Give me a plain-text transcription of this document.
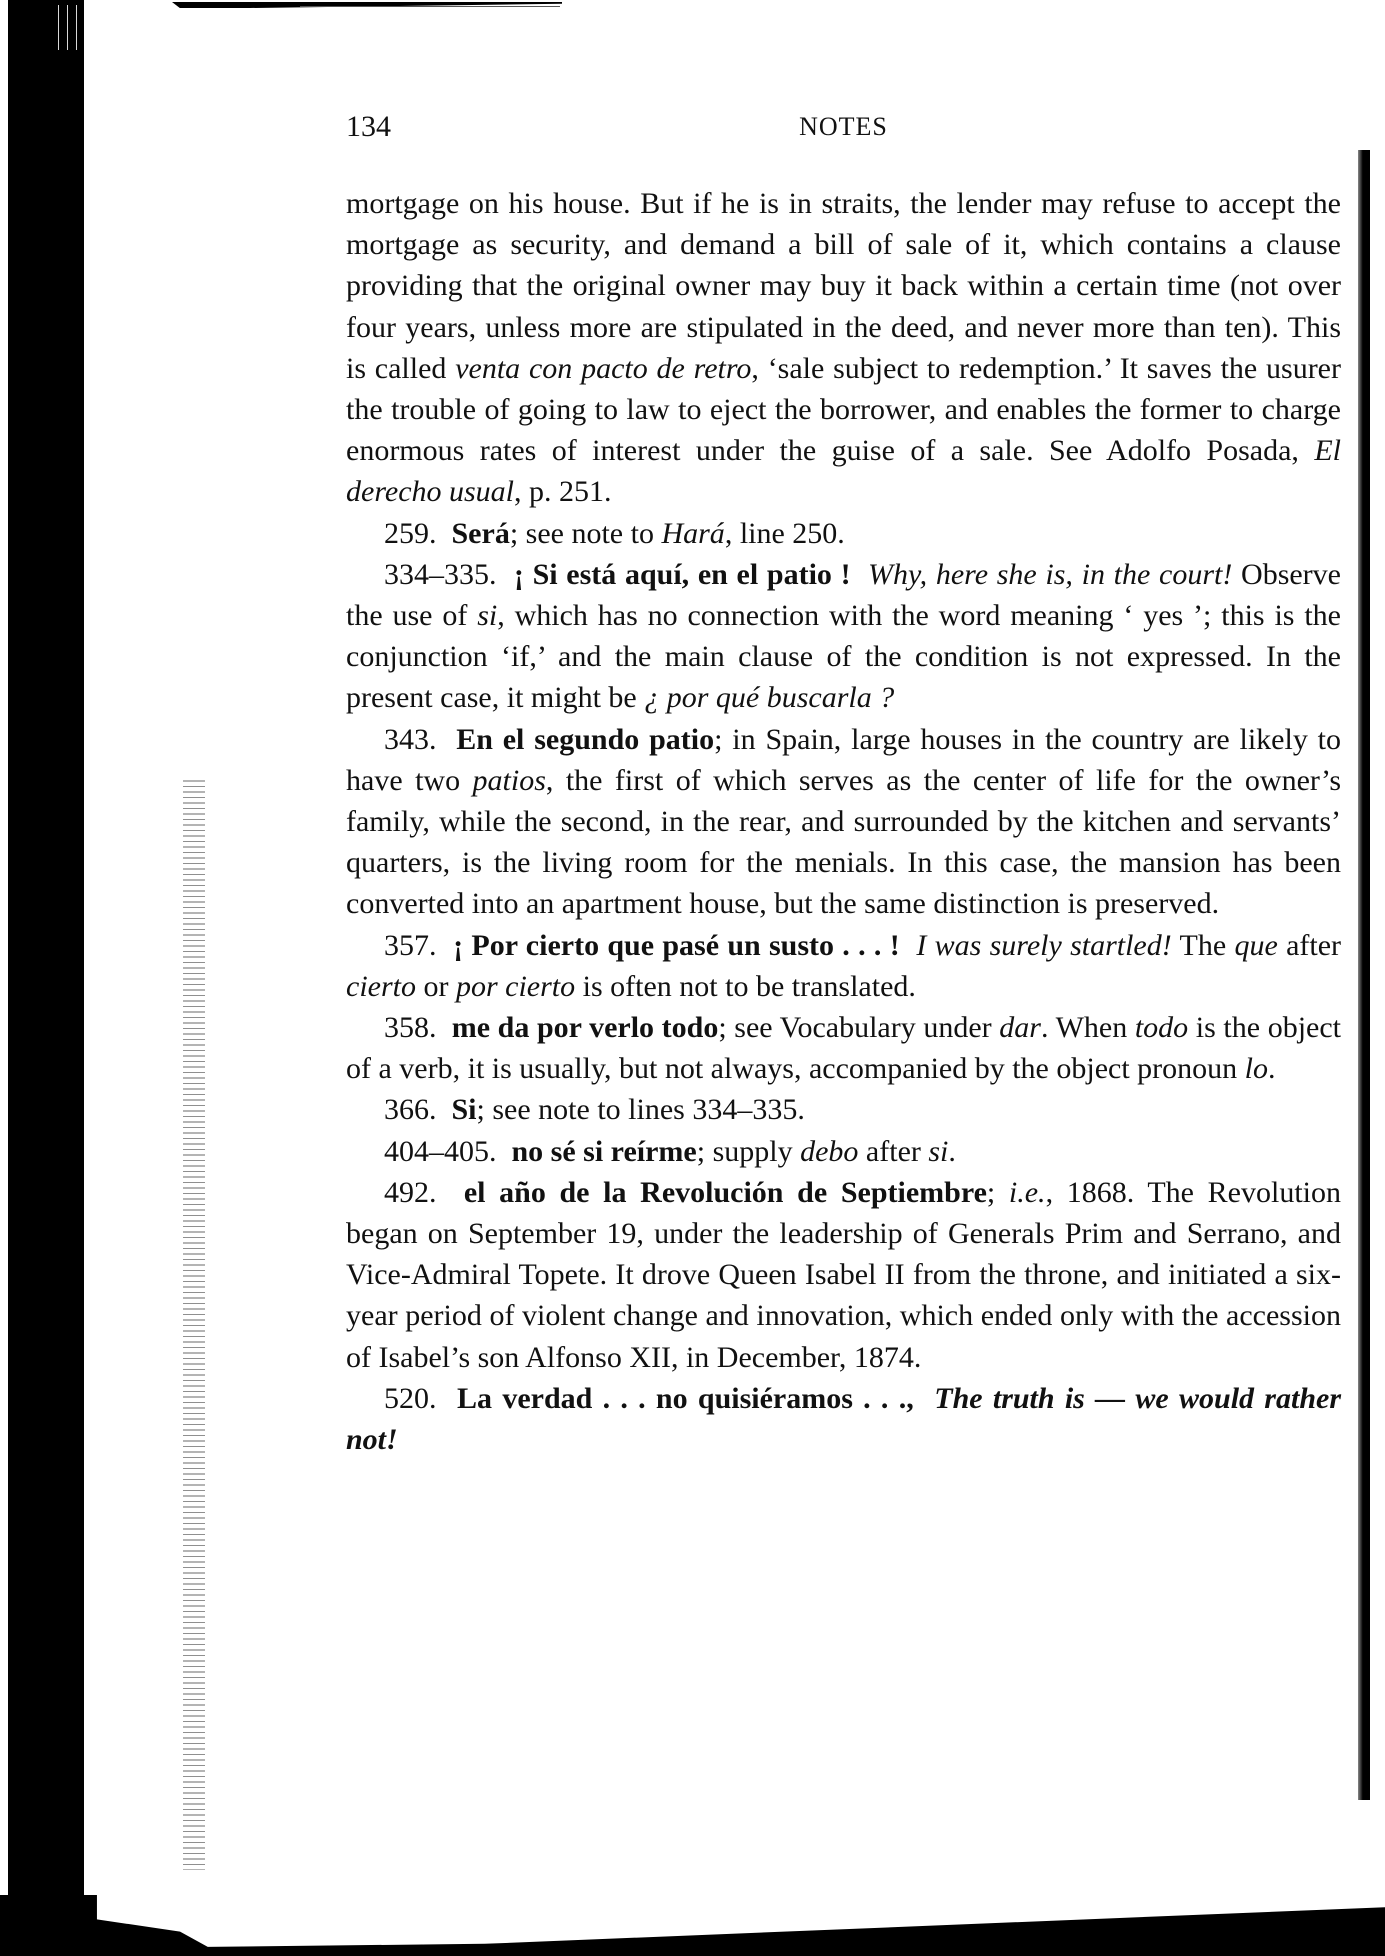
134	NOTES

mortgage on his house. But if he is in straits, the lender may refuse to accept the mortgage as security, and demand a bill of sale of it, which contains a clause providing that the original owner may buy it back within a certain time (not over four years, unless more are stipulated in the deed, and never more than ten). This is called venta con pacto de retro, ‘sale subject to redemption.’ It saves the usurer the trouble of going to law to eject the borrower, and enables the former to charge enormous rates of interest under the guise of a sale. See Adolfo Posada, El derecho usual, p. 251.

259. Será; see note to Hará, line 250.

334–335. ¡ Si está aquí, en el patio ! Why, here she is, in the court! Observe the use of si, which has no connection with the word meaning ‘ yes ’; this is the conjunction ‘if,’ and the main clause of the condition is not expressed. In the present case, it might be ¿ por qué buscarla ?

343. En el segundo patio; in Spain, large houses in the country are likely to have two patios, the first of which serves as the center of life for the owner’s family, while the second, in the rear, and surrounded by the kitchen and servants’ quarters, is the living room for the menials. In this case, the mansion has been converted into an apartment house, but the same distinction is preserved.

357. ¡ Por cierto que pasé un susto . . . ! I was surely startled! The que after cierto or por cierto is often not to be translated.

358. me da por verlo todo; see Vocabulary under dar. When todo is the object of a verb, it is usually, but not always, accompanied by the object pronoun lo.

366. Si; see note to lines 334–335.

404–405. no sé si reírme; supply debo after si.

492. el año de la Revolución de Septiembre; i.e., 1868. The Revolution began on September 19, under the leadership of Generals Prim and Serrano, and Vice-Admiral Topete. It drove Queen Isabel II from the throne, and initiated a six-year period of violent change and innovation, which ended only with the accession of Isabel’s son Alfonso XII, in December, 1874.

520. La verdad . . . no quisiéramos . . ., The truth is — we would rather not!
